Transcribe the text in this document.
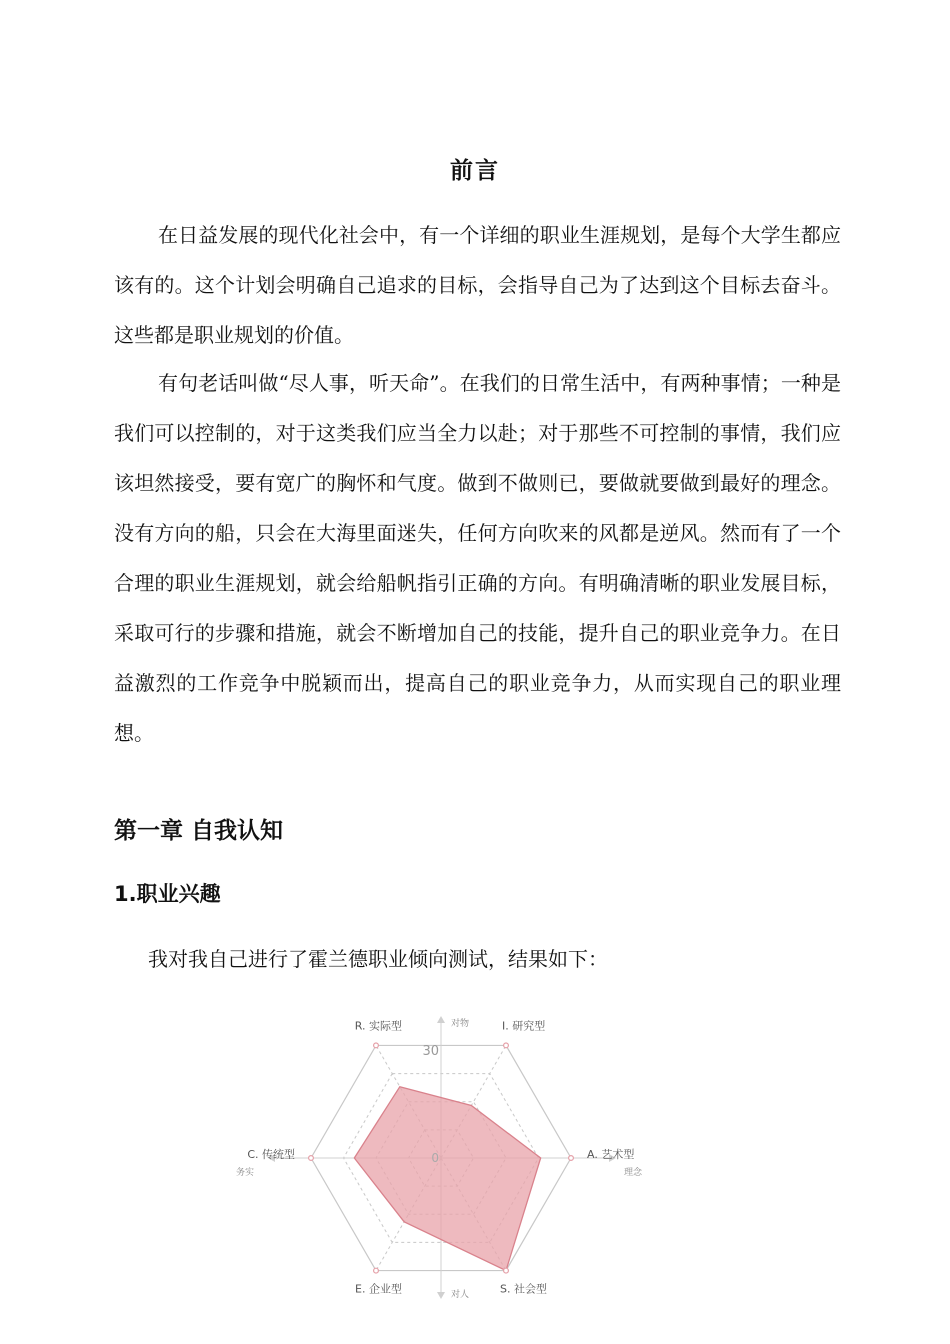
前言

在日益发展的现代化社会中，有一个详细的职业生涯规划，是每个大学生都应该有的。这个计划会明确自己追求的目标，会指导自己为了达到这个目标去奋斗。这些都是职业规划的价值。

有句老话叫做“尽人事，听天命”。在我们的日常生活中，有两种事情；一种是我们可以控制的，对于这类我们应当全力以赴；对于那些不可控制的事情，我们应该坦然接受，要有宽广的胸怀和气度。做到不做则已，要做就要做到最好的理念。没有方向的船，只会在大海里面迷失，任何方向吹来的风都是逆风。然而有了一个合理的职业生涯规划，就会给船帆指引正确的方向。有明确清晰的职业发展目标，采取可行的步骤和措施，就会不断增加自己的技能，提升自己的职业竞争力。在日益激烈的工作竞争中脱颖而出，提高自己的职业竞争力，从而实现自己的职业理想。

第一章 自我认知
1.职业兴趣
我对我自己进行了霍兰德职业倾向测试，结果如下：
R. 实际型	I. 研究型
A. 艺术型
S. 社会型
E. 企业型
C. 传统型	0
30
对物
对人
务实	理念
